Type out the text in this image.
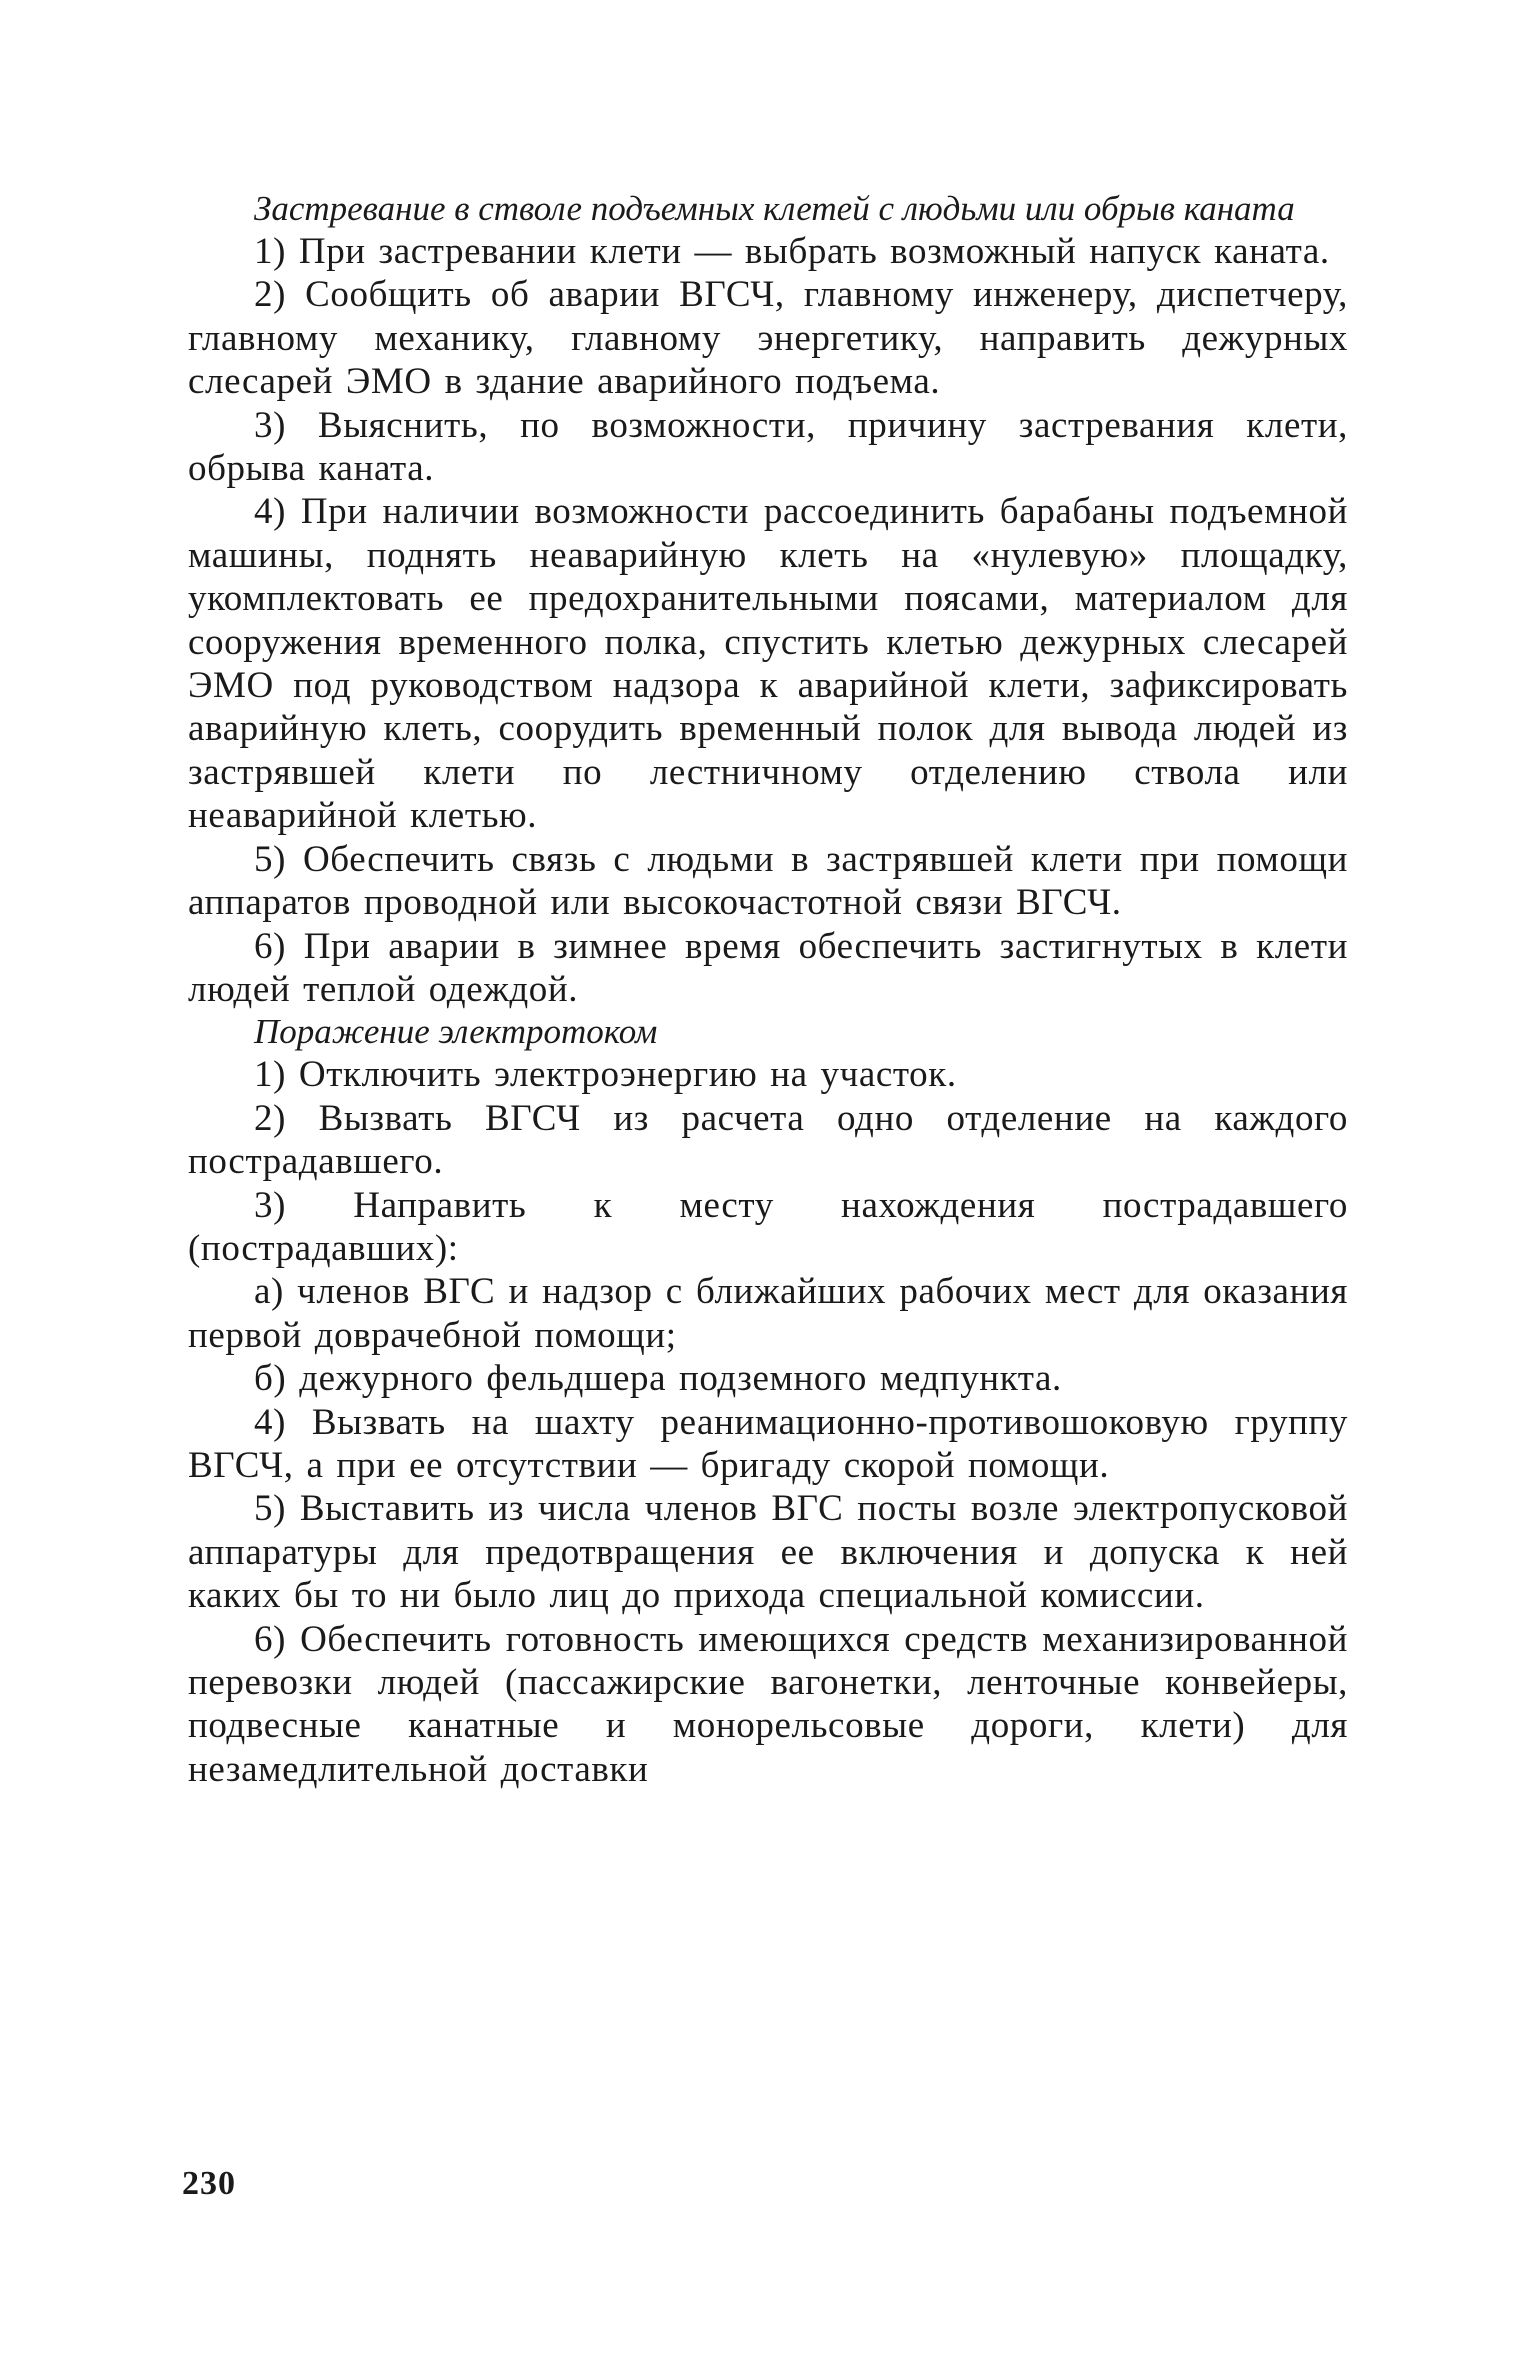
Застревание в стволе подъемных клетей с людьми или обрыв каната

1) При застревании клети — выбрать возможный напуск каната.

2) Сообщить об аварии ВГСЧ, главному инженеру, диспетчеру, главному механику, главному энергетику, направить дежурных слесарей ЭМО в здание аварийного подъема.

3) Выяснить, по возможности, причину застревания клети, обрыва каната.

4) При наличии возможности рассоединить барабаны подъемной машины, поднять неаварийную клеть на «нулевую» площадку, укомплектовать ее предохранительными поясами, материалом для сооружения временного полка, спустить клетью дежурных слесарей ЭМО под руководством надзора к аварийной клети, зафиксировать аварийную клеть, соорудить временный полок для вывода людей из застрявшей клети по лестничному отделению ствола или неаварийной клетью.

5) Обеспечить связь с людьми в застрявшей клети при помощи аппаратов проводной или высокочастотной связи ВГСЧ.

6) При аварии в зимнее время обеспечить застигнутых в клети людей теплой одеждой.

Поражение электротоком

1) Отключить электроэнергию на участок.

2) Вызвать ВГСЧ из расчета одно отделение на каждого пострадавшего.

3) Направить к месту нахождения пострадавшего (пострадавших):

а) членов ВГС и надзор с ближайших рабочих мест для оказания первой доврачебной помощи;

б) дежурного фельдшера подземного медпункта.

4) Вызвать на шахту реанимационно-противошоковую группу ВГСЧ, а при ее отсутствии — бригаду скорой помощи.

5) Выставить из числа членов ВГС посты возле электропусковой аппаратуры для предотвращения ее включения и допуска к ней каких бы то ни было лиц до прихода специальной комиссии.

6) Обеспечить готовность имеющихся средств механизированной перевозки людей (пассажирские вагонетки, ленточные конвейеры, подвесные канатные и монорельсовые дороги, клети) для незамедлительной доставки

230
